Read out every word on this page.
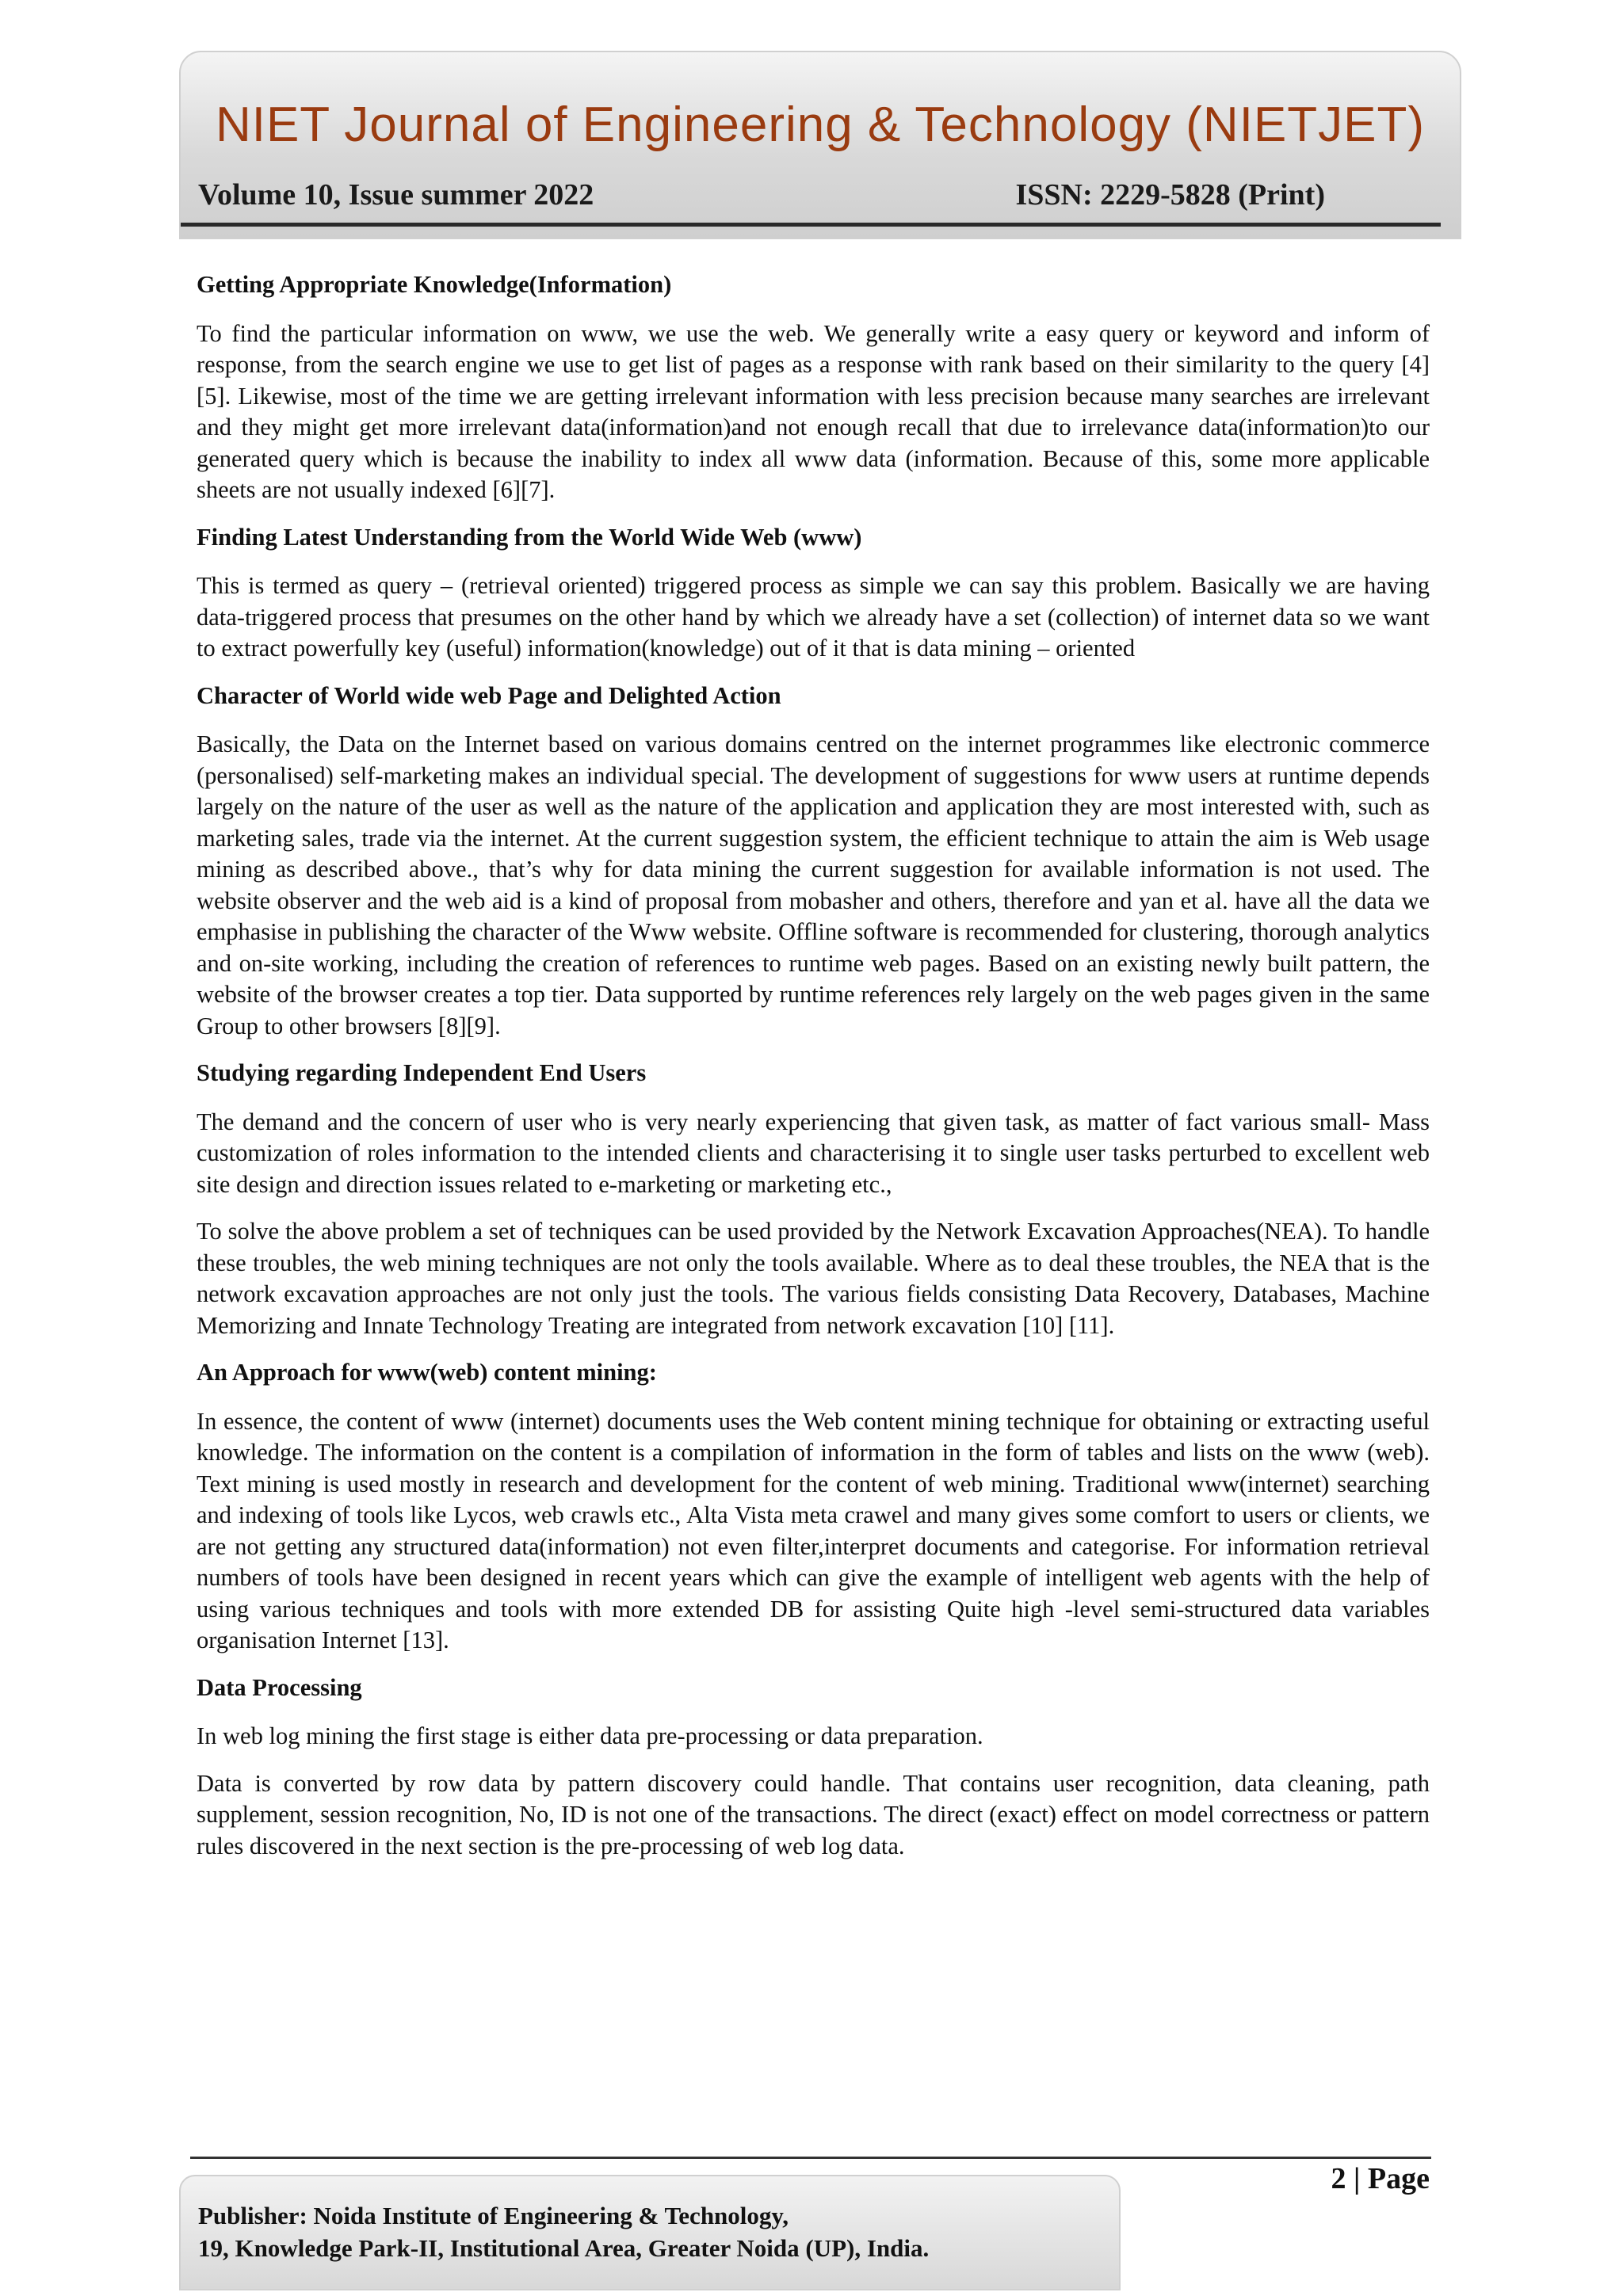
NIET Journal of Engineering & Technology (NIETJET)
Volume 10, Issue summer 2022	ISSN: 2229-5828 (Print)
Getting Appropriate Knowledge(Information)

To find the particular information on www, we use the web. We generally write a easy query or keyword and inform of response, from the search engine we use to get list of pages as a response with rank based on their similarity to the query [4][5]. Likewise, most of the time we are getting irrelevant information with less precision because many searches are irrelevant and they might get more irrelevant data(information)and not enough recall that due to irrelevance data(information)to our generated query which is because the inability to index all www data (information. Because of this, some more applicable sheets are not usually indexed [6][7].

Finding Latest Understanding from the World Wide Web (www)

This is termed as query – (retrieval oriented) triggered process as simple we can say this problem. Basically we are having data-triggered process that presumes on the other hand by which we already have a set (collection) of internet data so we want to extract powerfully key (useful) information(knowledge) out of it that is data mining – oriented

Character of World wide web Page and Delighted Action

Basically, the Data on the Internet based on various domains centred on the internet programmes like electronic commerce (personalised) self-marketing makes an individual special. The development of suggestions for www users at runtime depends largely on the nature of the user as well as the nature of the application and application they are most interested with, such as marketing sales, trade via the internet. At the current suggestion system, the efficient technique to attain the aim is Web usage mining as described above., that’s why for data mining the current suggestion for available information is not used. The website observer and the web aid is a kind of proposal from mobasher and others, therefore and yan et al. have all the data we emphasise in publishing the character of the Www website. Offline software is recommended for clustering, thorough analytics and on-site working, including the creation of references to runtime web pages. Based on an existing newly built pattern, the website of the browser creates a top tier. Data supported by runtime references rely largely on the web pages given in the same Group to other browsers [8][9].

Studying regarding Independent End Users

The demand and the concern of user who is very nearly experiencing that given task, as matter of fact various small- Mass customization of roles information to the intended clients and characterising it to single user tasks perturbed to excellent web site design and direction issues related to e-marketing or marketing etc.,

To solve the above problem a set of techniques can be used provided by the Network Excavation Approaches(NEA). To handle these troubles, the web mining techniques are not only the tools available. Where as to deal these troubles, the NEA that is the network excavation approaches are not only just the tools. The various fields consisting Data Recovery, Databases, Machine Memorizing and Innate Technology Treating are integrated from network excavation [10] [11].

An Approach for www(web) content mining:

In essence, the content of www (internet) documents uses the Web content mining technique for obtaining or extracting useful knowledge. The information on the content is a compilation of information in the form of tables and lists on the www (web). Text mining is used mostly in research and development for the content of web mining. Traditional www(internet) searching and indexing of tools like Lycos, web crawls etc., Alta Vista meta crawel and many gives some comfort to users or clients, we are not getting any structured data(information) not even filter,interpret documents and categorise. For information retrieval numbers of tools have been designed in recent years which can give the example of intelligent web agents with the help of using various techniques and tools with more extended DB for assisting Quite high -level semi-structured data variables organisation Internet [13].

Data Processing

In web log mining the first stage is either data pre-processing or data preparation.

Data is converted by row data by pattern discovery could handle. That contains user recognition, data cleaning, path supplement, session recognition, No, ID is not one of the transactions. The direct (exact) effect on model correctness or pattern rules discovered in the next section is the pre-processing of web log data.

2 | Page
Publisher: Noida Institute of Engineering & Technology,
19, Knowledge Park-II, Institutional Area, Greater Noida (UP), India.
